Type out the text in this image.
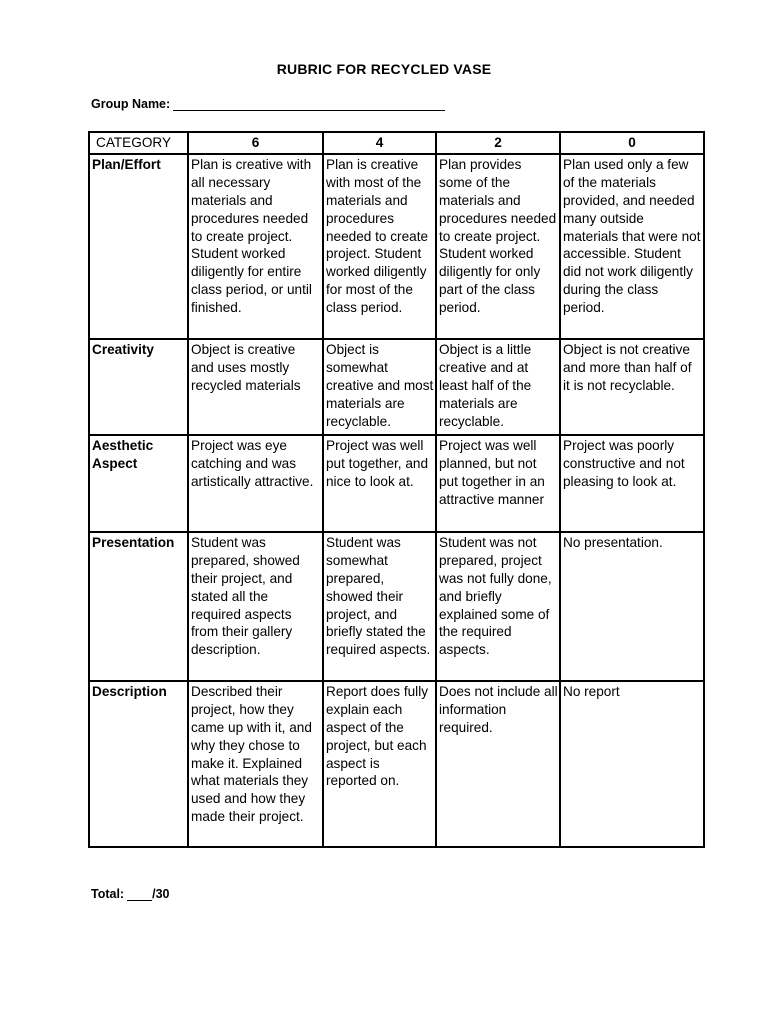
RUBRIC FOR RECYCLED VASE
Group Name:
CATEGORY	6	4	2	0
Plan/Effort	Plan is creative with all necessary materials and procedures needed to create project. Student worked diligently for entire class period, or until finished.	Plan is creative with most of the materials and procedures needed to create project. Student worked diligently for most of the class period.	Plan provides some of the materials and procedures needed to create project. Student worked diligently for only part of the class period.	Plan used only a few of the materials provided, and needed many outside materials that were not accessible. Student did not work diligently during the class period.
Creativity	Object is creative and uses mostly recycled materials	Object is somewhat creative and most materials are recyclable.	Object is a little creative and at least half of the materials are recyclable.	Object is not creative and more than half of it is not recyclable.
Aesthetic Aspect	Project was eye catching and was artistically attractive.	Project was well put together, and nice to look at.	Project was well planned, but not put together in an attractive manner	Project was poorly constructive and not pleasing to look at.
Presentation	Student was prepared, showed their project, and stated all the required aspects from their gallery description.	Student was somewhat prepared, showed their project, and briefly stated the required aspects.	Student was not prepared, project was not fully done, and briefly explained some of the required aspects.	No presentation.
Description	Described their project, how they came up with it, and why they chose to make it. Explained what materials they used and how they made their project.	Report does fully explain each aspect of the project, but each aspect is reported on.	Does not include all information required.	No report
Total: /30
